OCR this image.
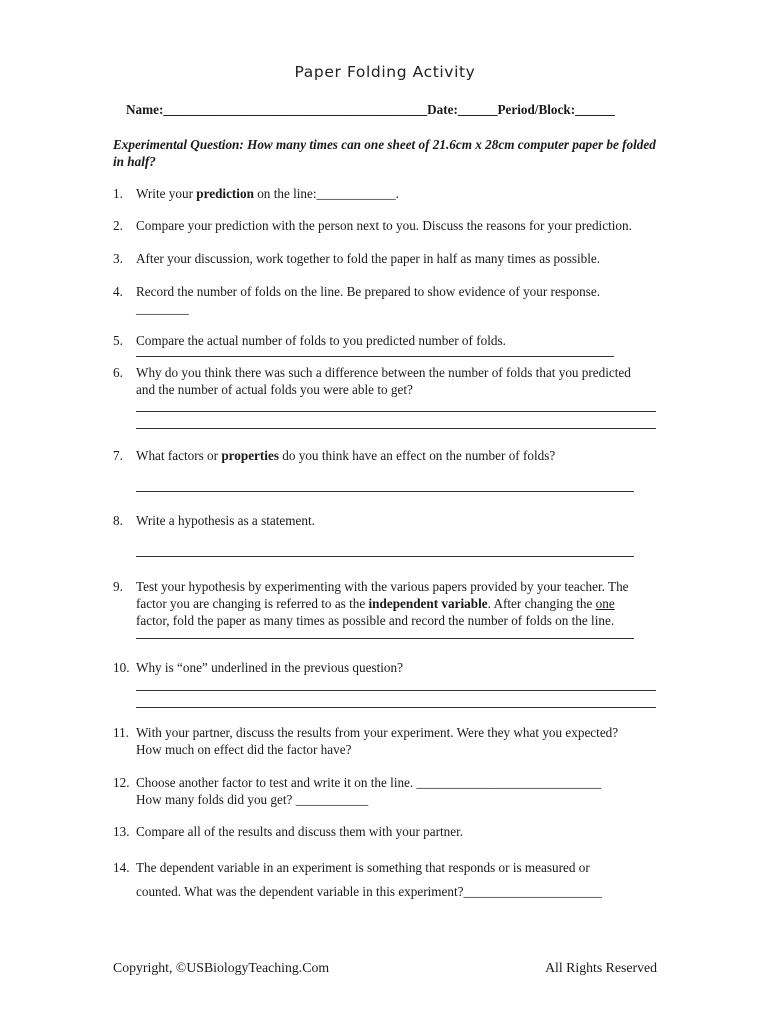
Paper Folding Activity
Name:________________________________________Date:______Period/Block:______
Experimental Question: How many times can one sheet of 21.6cm x 28cm computer paper be folded in half?
1. Write your prediction on the line:____________.
2. Compare your prediction with the person next to you. Discuss the reasons for your prediction.
3. After your discussion, work together to fold the paper in half as many times as possible.
4. Record the number of folds on the line. Be prepared to show evidence of your response.
________
5. Compare the actual number of folds to you predicted number of folds.
6. Why do you think there was such a difference between the number of folds that you predicted
and the number of actual folds you were able to get?
7. What factors or properties do you think have an effect on the number of folds?
8. Write a hypothesis as a statement.
9. Test your hypothesis by experimenting with the various papers provided by your teacher. The
factor you are changing is referred to as the independent variable. After changing the one
factor, fold the paper as many times as possible and record the number of folds on the line.
10. Why is “one” underlined in the previous question?
11. With your partner, discuss the results from your experiment. Were they what you expected?
How much on effect did the factor have?
12. Choose another factor to test and write it on the line. ____________________________
How many folds did you get? ___________
13. Compare all of the results and discuss them with your partner.
14. The dependent variable in an experiment is something that responds or is measured or
counted. What was the dependent variable in this experiment?_____________________
Copyright, ©USBiologyTeaching.Com	All Rights Reserved
